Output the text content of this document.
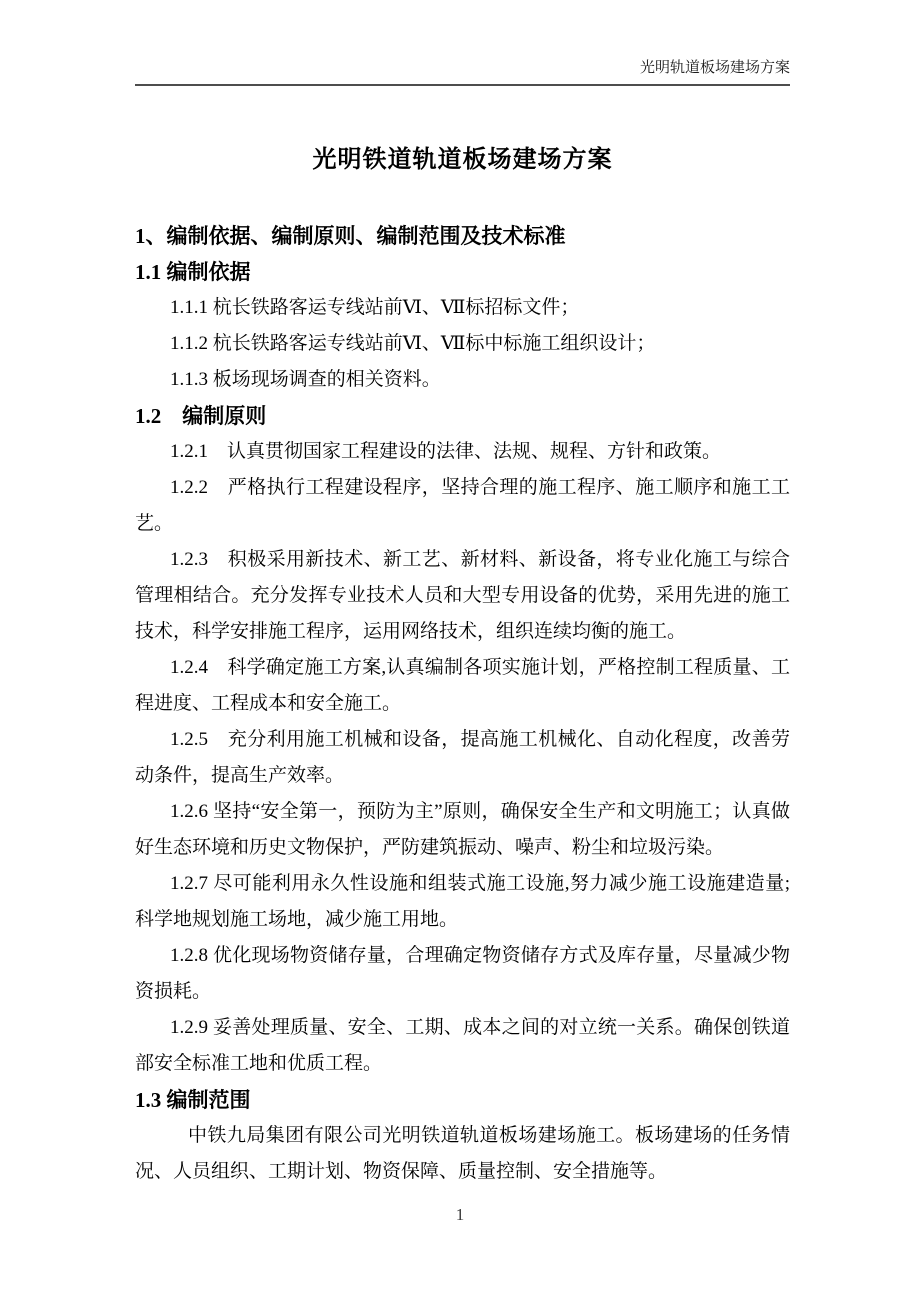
光明轨道板场建场方案
光明铁道轨道板场建场方案
1、编制依据、编制原则、编制范围及技术标准
1.1 编制依据
1.1.1 杭长铁路客运专线站前Ⅵ、Ⅶ标招标文件；
1.1.2 杭长铁路客运专线站前Ⅵ、Ⅶ标中标施工组织设计；
1.1.3 板场现场调查的相关资料。
1.2　编制原则
1.2.1　认真贯彻国家工程建设的法律、法规、规程、方针和政策。
1.2.2　严格执行工程建设程序，坚持合理的施工程序、施工顺序和施工工艺。
1.2.3　积极采用新技术、新工艺、新材料、新设备，将专业化施工与综合管理相结合。充分发挥专业技术人员和大型专用设备的优势，采用先进的施工技术，科学安排施工程序，运用网络技术，组织连续均衡的施工。
1.2.4　科学确定施工方案,认真编制各项实施计划，严格控制工程质量、工程进度、工程成本和安全施工。
1.2.5　充分利用施工机械和设备，提高施工机械化、自动化程度，改善劳动条件，提高生产效率。
1.2.6 坚持“安全第一，预防为主”原则，确保安全生产和文明施工；认真做好生态环境和历史文物保护，严防建筑振动、噪声、粉尘和垃圾污染。
1.2.7 尽可能利用永久性设施和组装式施工设施,努力减少施工设施建造量;科学地规划施工场地，减少施工用地。
1.2.8 优化现场物资储存量，合理确定物资储存方式及库存量，尽量减少物资损耗。
1.2.9 妥善处理质量、安全、工期、成本之间的对立统一关系。确保创铁道部安全标准工地和优质工程。
1.3 编制范围
中铁九局集团有限公司光明铁道轨道板场建场施工。板场建场的任务情况、人员组织、工期计划、物资保障、质量控制、安全措施等。
1
